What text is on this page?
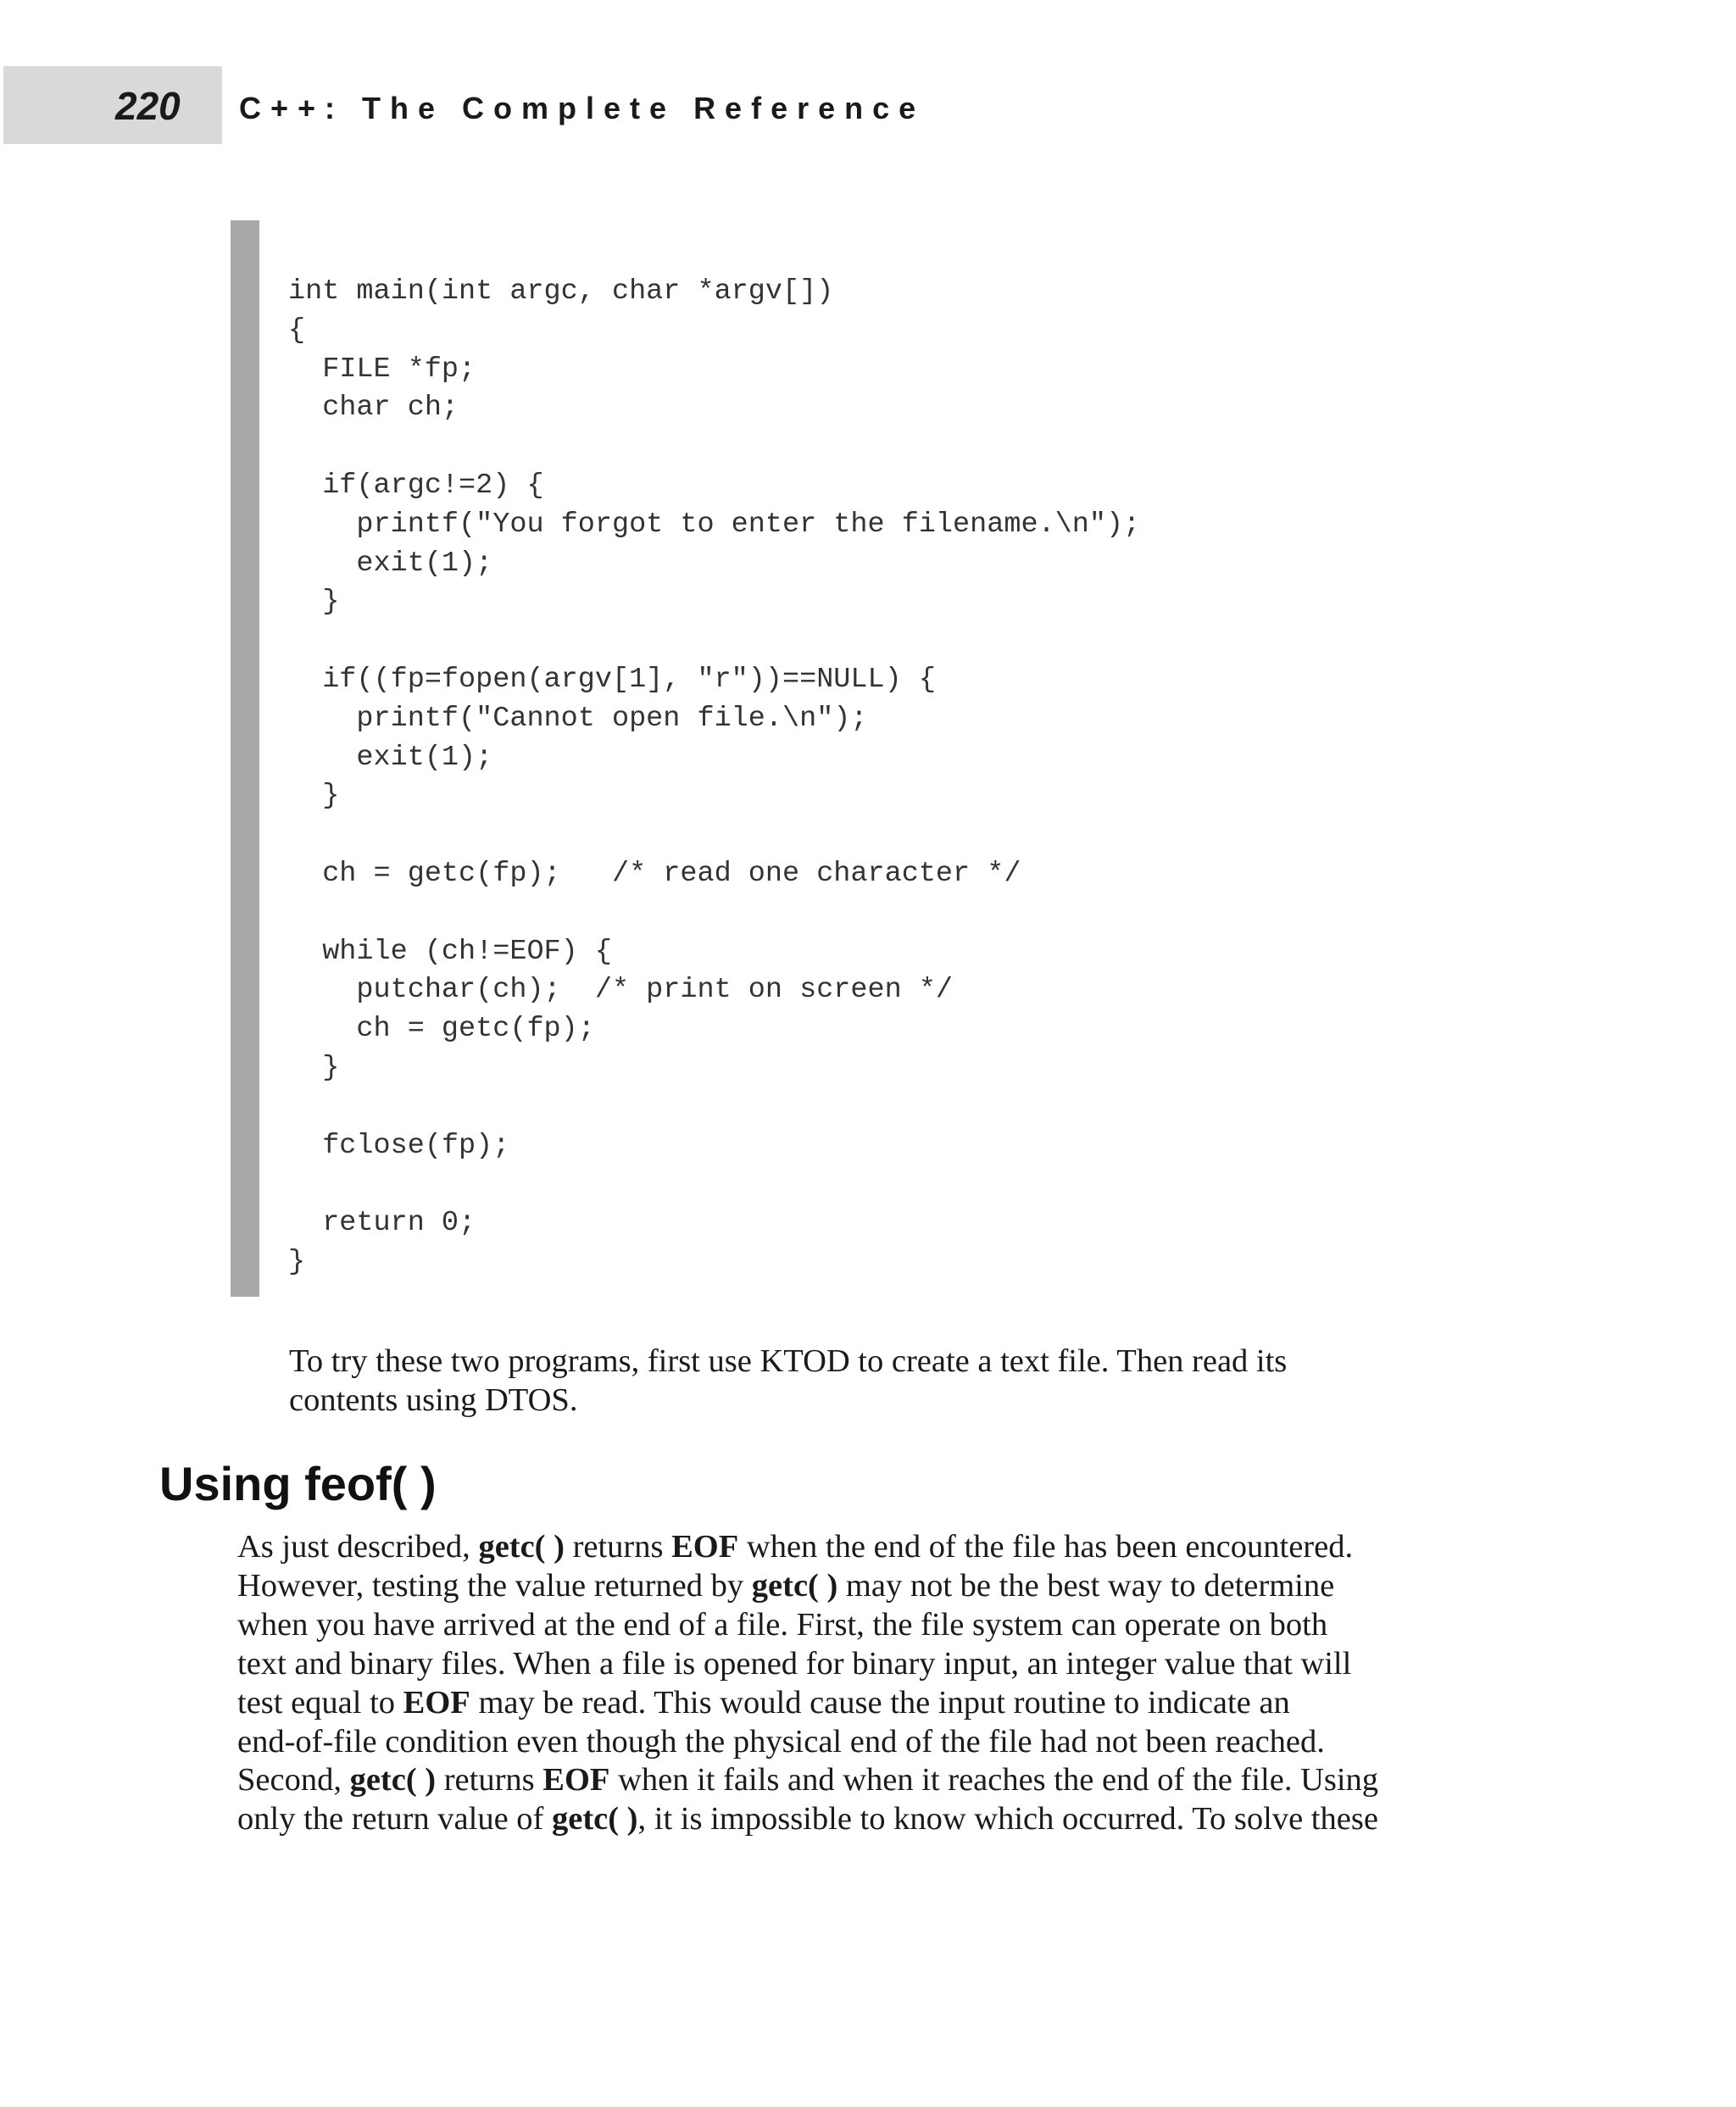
220 C++: The Complete Reference
int main(int argc, char *argv[])
{
FILE *fp;
char ch;

if(argc!=2) {
printf("You forgot to enter the filename.\n");
exit(1);
}

if((fp=fopen(argv[1], "r"))==NULL) {
printf("Cannot open file.\n");
exit(1);
}

ch = getc(fp);   /* read one character */

while (ch!=EOF) {
putchar(ch);  /* print on screen */
ch = getc(fp);
}

fclose(fp);

return 0;
}

To try these two programs, first use KTOD to create a text file. Then read its
contents using DTOS.

Using feof( )

As just described, getc( ) returns EOF when the end of the file has been encountered.
However, testing the value returned by getc( ) may not be the best way to determine
when you have arrived at the end of a file. First, the file system can operate on both
text and binary files. When a file is opened for binary input, an integer value that will
test equal to EOF may be read. This would cause the input routine to indicate an
end-of-file condition even though the physical end of the file had not been reached.
Second, getc( ) returns EOF when it fails and when it reaches the end of the file. Using
only the return value of getc( ), it is impossible to know which occurred. To solve these
